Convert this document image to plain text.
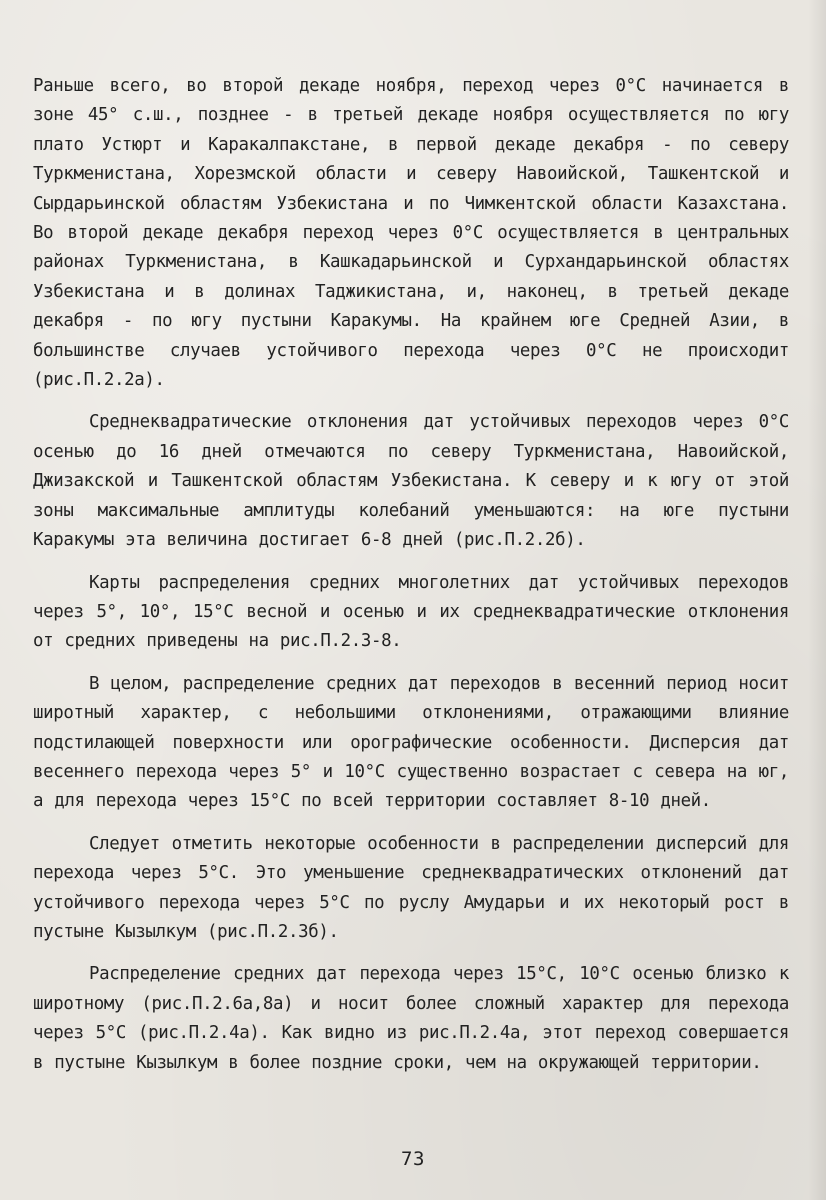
Раньше всего, во второй декаде ноября, переход через 0°С начинается в зоне 45° с.ш., позднее - в третьей декаде ноября осуществляется по югу плато Устюрт и Каракалпакстане, в первой декаде декабря - по северу Туркменистана, Хорезмской области и северу Навоийской, Ташкентской и Сырдарьинской областям Узбекистана и по Чимкентской области Казахстана. Во второй декаде декабря переход через 0°С осуществляется в центральных районах Туркменистана, в Кашкадарьинской и Сурхандарьинской областях Узбекистана и в долинах Таджикистана, и, наконец, в третьей декаде декабря - по югу пустыни Каракумы. На крайнем юге Средней Азии, в большинстве случаев устойчивого перехода через 0°С не происходит (рис.П.2.2а).

Среднеквадратические отклонения дат устойчивых переходов через 0°С осенью до 16 дней отмечаются по северу Туркменистана, Навоийской, Джизакской и Ташкентской областям Узбекистана. К северу и к югу от этой зоны максимальные амплитуды колебаний уменьшаются: на юге пустыни Каракумы эта величина достигает 6-8 дней (рис.П.2.2б).

Карты распределения средних многолетних дат устойчивых переходов через 5°, 10°, 15°С весной и осенью и их среднеквадратические отклонения от средних приведены на рис.П.2.3-8.

В целом, распределение средних дат переходов в весенний период носит широтный характер, с небольшими отклонениями, отражающими влияние подстилающей поверхности или орографические особенности. Дисперсия дат весеннего перехода через 5° и 10°С существенно возрастает с севера на юг, а для перехода через 15°С по всей территории составляет 8-10 дней.

Следует отметить некоторые особенности в распределении дисперсий для перехода через 5°С. Это уменьшение среднеквадратических отклонений дат устойчивого перехода через 5°С по руслу Амударьи и их некоторый рост в пустыне Кызылкум (рис.П.2.3б).

Распределение средних дат перехода через 15°С, 10°С осенью близко к широтному (рис.П.2.6а,8а) и носит более сложный характер для перехода через 5°С (рис.П.2.4а). Как видно из рис.П.2.4а, этот переход совершается в пустыне Кызылкум в более поздние сроки, чем на окружающей территории.

73
